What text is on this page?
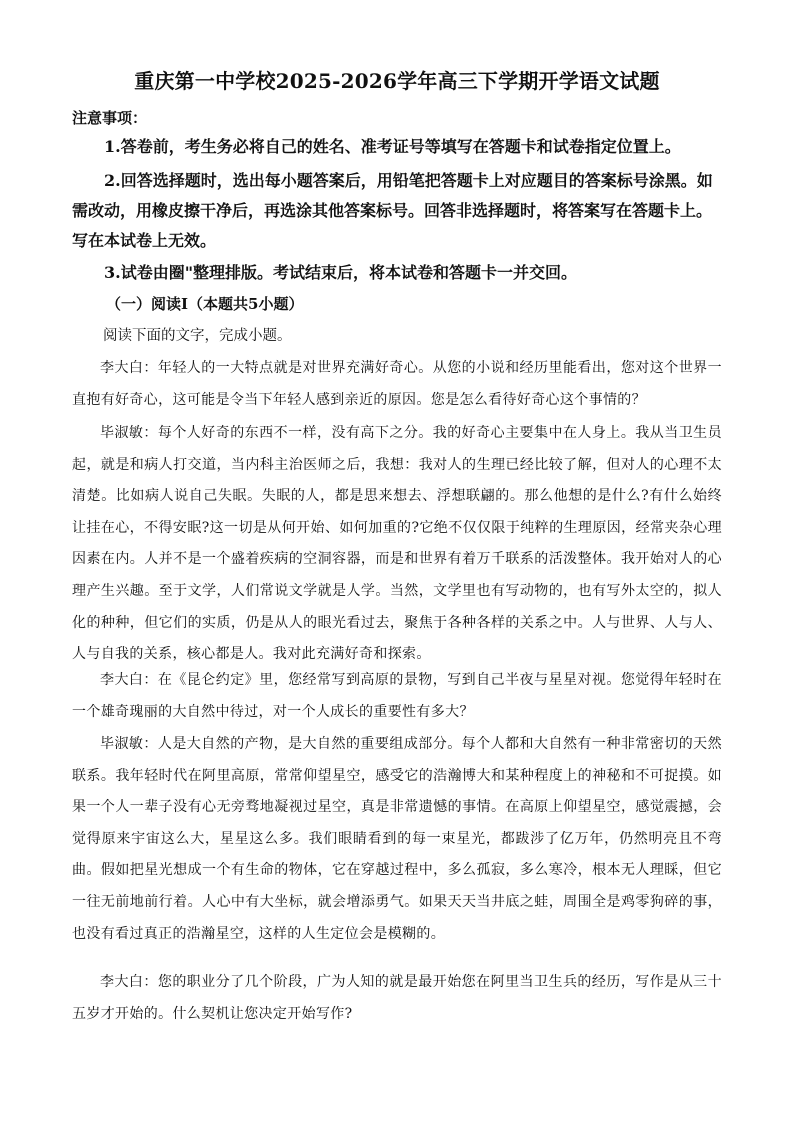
重庆第一中学校2025-2026学年高三下学期开学语文试题
注意事项：

1.答卷前，考生务必将自己的姓名、准考证号等填写在答题卡和试卷指定位置上。

2.回答选择题时，选出每小题答案后，用铅笔把答题卡上对应题目的答案标号涂黑。如需改动，用橡皮擦干净后，再选涂其他答案标号。回答非选择题时，将答案写在答题卡上。写在本试卷上无效。

3.试卷由圈"整理排版。考试结束后，将本试卷和答题卡一并交回。

（一）阅读Ⅰ（本题共5小题）
阅读下面的文字，完成小题。

李大白：年轻人的一大特点就是对世界充满好奇心。从您的小说和经历里能看出，您对这个世界一直抱有好奇心，这可能是令当下年轻人感到亲近的原因。您是怎么看待好奇心这个事情的？

毕淑敏：每个人好奇的东西不一样，没有高下之分。我的好奇心主要集中在人身上。我从当卫生员起，就是和病人打交道，当内科主治医师之后，我想：我对人的生理已经比较了解，但对人的心理不太清楚。比如病人说自己失眠。失眠的人，都是思来想去、浮想联翩的。那么他想的是什么?有什么始终让挂在心，不得安眠?这一切是从何开始、如何加重的?它绝不仅仅限于纯粹的生理原因，经常夹杂心理因素在内。人并不是一个盛着疾病的空洞容器，而是和世界有着万千联系的活泼整体。我开始对人的心理产生兴趣。至于文学，人们常说文学就是人学。当然，文学里也有写动物的，也有写外太空的，拟人化的种种，但它们的实质，仍是从人的眼光看过去，聚焦于各种各样的关系之中。人与世界、人与人、人与自我的关系，核心都是人。我对此充满好奇和探索。

李大白：在《昆仑约定》里，您经常写到高原的景物，写到自己半夜与星星对视。您觉得年轻时在一个雄奇瑰丽的大自然中待过，对一个人成长的重要性有多大？

毕淑敏：人是大自然的产物，是大自然的重要组成部分。每个人都和大自然有一种非常密切的天然联系。我年轻时代在阿里高原，常常仰望星空，感受它的浩瀚博大和某种程度上的神秘和不可捉摸。如果一个人一辈子没有心无旁骛地凝视过星空，真是非常遗憾的事情。在高原上仰望星空，感觉震撼，会觉得原来宇宙这么大，星星这么多。我们眼睛看到的每一束星光，都跋涉了亿万年，仍然明亮且不弯曲。假如把星光想成一个有生命的物体，它在穿越过程中，多么孤寂，多么寒冷，根本无人理睬，但它一往无前地前行着。人心中有大坐标，就会增添勇气。如果天天当井底之蛙，周围全是鸡零狗碎的事，也没有看过真正的浩瀚星空，这样的人生定位会是模糊的。

李大白：您的职业分了几个阶段，广为人知的就是最开始您在阿里当卫生兵的经历，写作是从三十五岁才开始的。什么契机让您决定开始写作?
